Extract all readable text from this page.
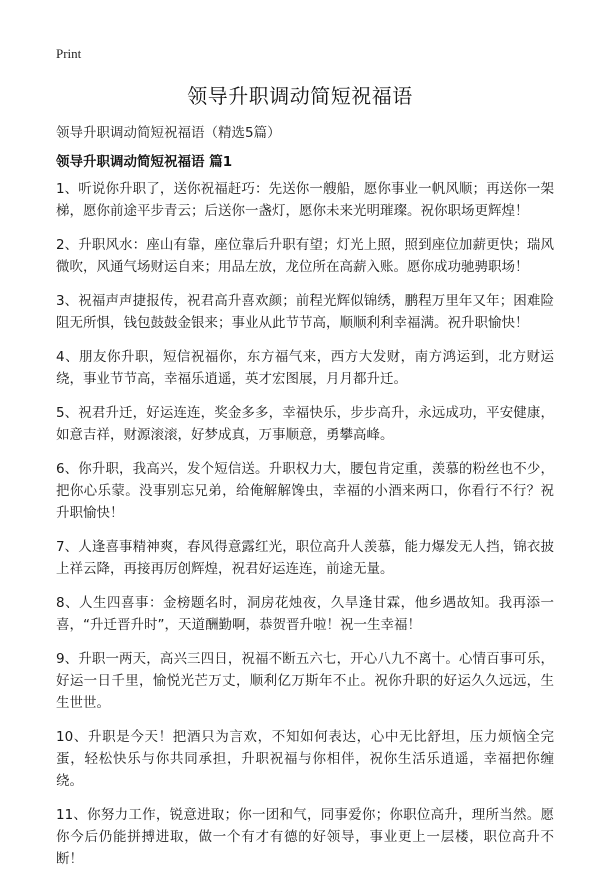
Print
领导升职调动简短祝福语
领导升职调动简短祝福语（精选5篇）
领导升职调动简短祝福语 篇1
1、听说你升职了，送你祝福赶巧：先送你一艘船，愿你事业一帆风顺；再送你一架梯，愿你前途平步青云；后送你一盏灯，愿你未来光明璀璨。祝你职场更辉煌！
2、升职风水：座山有靠，座位靠后升职有望；灯光上照，照到座位加薪更快；瑞风微吹，风通气场财运自来；用品左放，龙位所在高薪入账。愿你成功驰骋职场！
3、祝福声声捷报传，祝君高升喜欢颜；前程光辉似锦绣，鹏程万里年又年；困难险阻无所惧，钱包鼓鼓金银来；事业从此节节高，顺顺利利幸福满。祝升职愉快！
4、朋友你升职，短信祝福你，东方福气来，西方大发财，南方鸿运到，北方财运绕，事业节节高，幸福乐逍遥，英才宏图展，月月都升迁。
5、祝君升迁，好运连连，奖金多多，幸福快乐，步步高升，永远成功，平安健康，如意吉祥，财源滚滚，好梦成真，万事顺意，勇攀高峰。
6、你升职，我高兴，发个短信送。升职权力大，腰包肯定重，羡慕的粉丝也不少，把你心乐蒙。没事别忘兄弟，给俺解解馋虫，幸福的小酒来两口，你看行不行？祝升职愉快！
7、人逢喜事精神爽，春风得意露红光，职位高升人羡慕，能力爆发无人挡，锦衣披上祥云降，再接再厉创辉煌，祝君好运连连，前途无量。
8、人生四喜事：金榜题名时，洞房花烛夜，久旱逢甘霖，他乡遇故知。我再添一喜，“升迁晋升时”，天道酬勤啊，恭贺晋升啦！祝一生幸福！
9、升职一两天，高兴三四日，祝福不断五六七，开心八九不离十。心情百事可乐，好运一日千里，愉悦光芒万丈，顺利亿万斯年不止。祝你升职的好运久久远远，生生世世。
10、升职是今天！把酒只为言欢，不知如何表达，心中无比舒坦，压力烦恼全完蛋，轻松快乐与你共同承担，升职祝福与你相伴，祝你生活乐逍遥，幸福把你缠绕。
11、你努力工作，锐意进取；你一团和气，同事爱你；你职位高升，理所当然。愿你今后仍能拼搏进取，做一个有才有德的好领导，事业更上一层楼，职位高升不断！
